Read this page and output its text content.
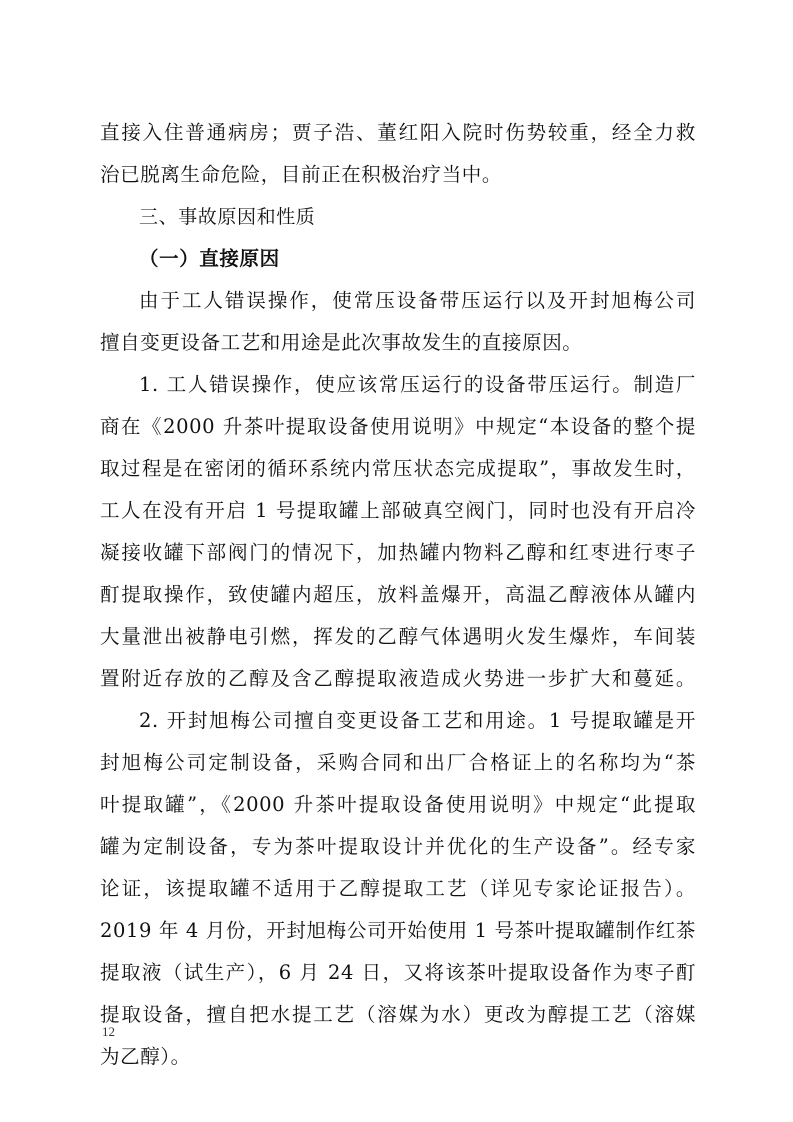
直接入住普通病房；贾子浩、董红阳入院时伤势较重，经全力救
治已脱离生命危险，目前正在积极治疗当中。
三、事故原因和性质
（一）直接原因
由于工人错误操作，使常压设备带压运行以及开封旭梅公司
擅自变更设备工艺和用途是此次事故发生的直接原因。
1. 工人错误操作，使应该常压运行的设备带压运行。制造厂
商在《2000 升茶叶提取设备使用说明》中规定“本设备的整个提
取过程是在密闭的循环系统内常压状态完成提取”，事故发生时，
工人在没有开启 1 号提取罐上部破真空阀门，同时也没有开启冷
凝接收罐下部阀门的情况下，加热罐内物料乙醇和红枣进行枣子
酊提取操作，致使罐内超压，放料盖爆开，高温乙醇液体从罐内
大量泄出被静电引燃，挥发的乙醇气体遇明火发生爆炸，车间装
置附近存放的乙醇及含乙醇提取液造成火势进一步扩大和蔓延。
2. 开封旭梅公司擅自变更设备工艺和用途。1 号提取罐是开
封旭梅公司定制设备，采购合同和出厂合格证上的名称均为“茶
叶提取罐”，《2000 升茶叶提取设备使用说明》中规定“此提取
罐为定制设备，专为茶叶提取设计并优化的生产设备”。经专家
论证，该提取罐不适用于乙醇提取工艺（详见专家论证报告）。
2019 年 4 月份，开封旭梅公司开始使用 1 号茶叶提取罐制作红茶
提取液（试生产），6 月 24 日，又将该茶叶提取设备作为枣子酊
提取设备，擅自把水提工艺（溶媒为水）更改为醇提工艺（溶媒
为乙醇）。
12
